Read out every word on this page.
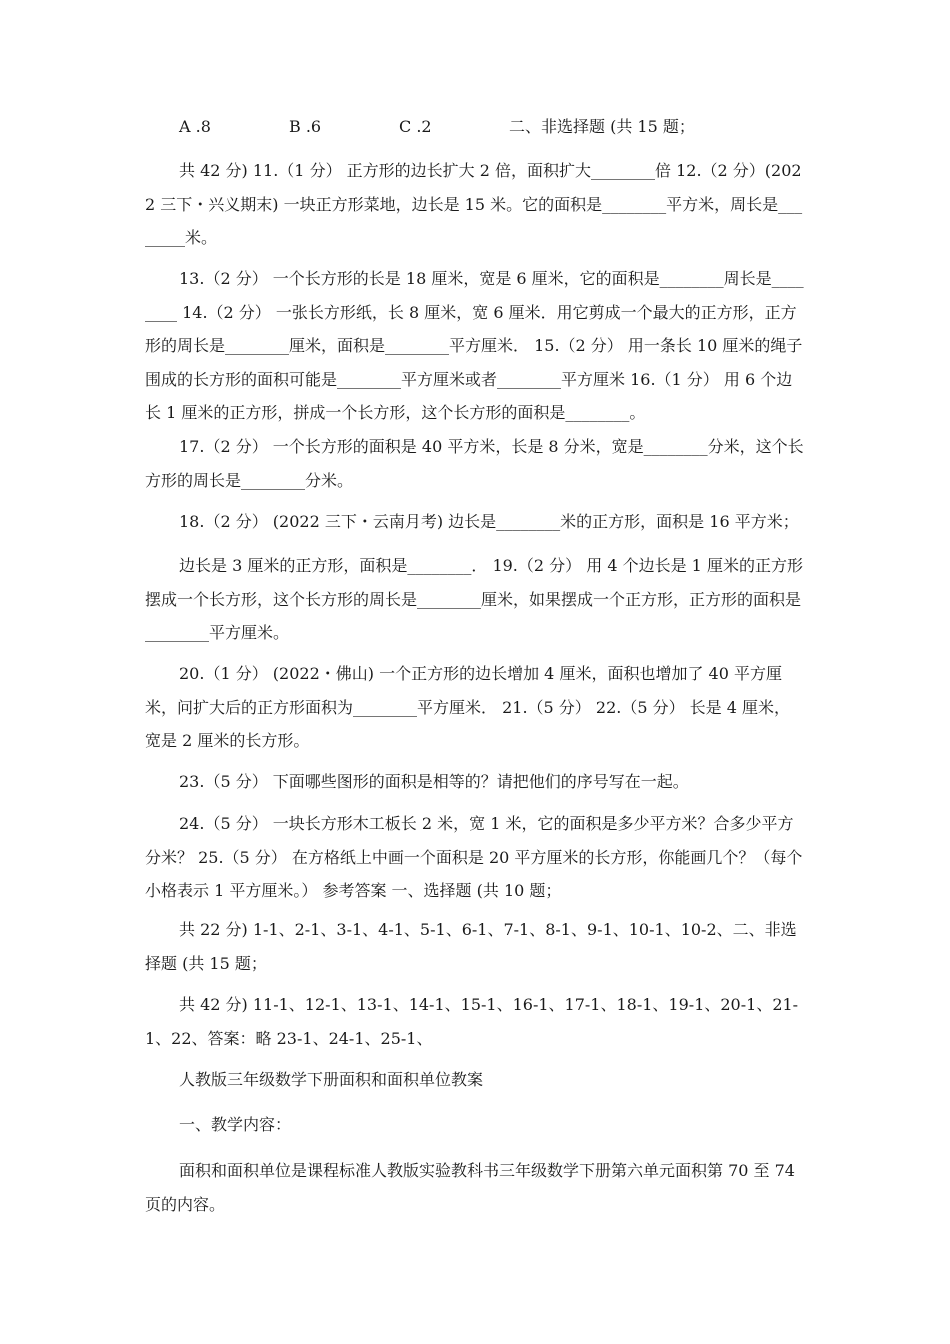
A .8	B .6	C .2	二、非选择题 (共 15 题；
共 42 分) 11.（1 分） 正方形的边长扩大 2 倍，面积扩大________倍 12.（2 分）(2022 三下・兴义期末) 一块正方形菜地，边长是 15 米。它的面积是________平方米，周长是________米。
13.（2 分） 一个长方形的长是 18 厘米，宽是 6 厘米，它的面积是________周长是________ 14.（2 分） 一张长方形纸，长 8 厘米，宽 6 厘米．用它剪成一个最大的正方形，正方形的周长是________厘米，面积是________平方厘米． 15.（2 分） 用一条长 10 厘米的绳子围成的长方形的面积可能是________平方厘米或者________平方厘米 16.（1 分） 用 6 个边长 1 厘米的正方形，拼成一个长方形，这个长方形的面积是________。
17.（2 分） 一个长方形的面积是 40 平方米，长是 8 分米，宽是________分米，这个长方形的周长是________分米。
18.（2 分） (2022 三下・云南月考) 边长是________米的正方形，面积是 16 平方米；
边长是 3 厘米的正方形，面积是________． 19.（2 分） 用 4 个边长是 1 厘米的正方形摆成一个长方形，这个长方形的周长是________厘米，如果摆成一个正方形，正方形的面积是________平方厘米。
20.（1 分） (2022・佛山) 一个正方形的边长增加 4 厘米，面积也增加了 40 平方厘米，问扩大后的正方形面积为________平方厘米． 21.（5 分） 22.（5 分） 长是 4 厘米，宽是 2 厘米的长方形。
23.（5 分） 下面哪些图形的面积是相等的？请把他们的序号写在一起。
24.（5 分） 一块长方形木工板长 2 米，宽 1 米，它的面积是多少平方米？合多少平方分米？ 25.（5 分） 在方格纸上中画一个面积是 20 平方厘米的长方形，你能画几个？（每个小格表示 1 平方厘米。） 参考答案 一、选择题 (共 10 题；
共 22 分) 1-1、2-1、3-1、4-1、5-1、6-1、7-1、8-1、9-1、10-1、10-2、二、非选择题 (共 15 题；
共 42 分) 11-1、12-1、13-1、14-1、15-1、16-1、17-1、18-1、19-1、20-1、21-1、22、答案：略 23-1、24-1、25-1、
人教版三年级数学下册面积和面积单位教案
一、教学内容：
面积和面积单位是课程标准人教版实验教科书三年级数学下册第六单元面积第 70 至 74 页的内容。
